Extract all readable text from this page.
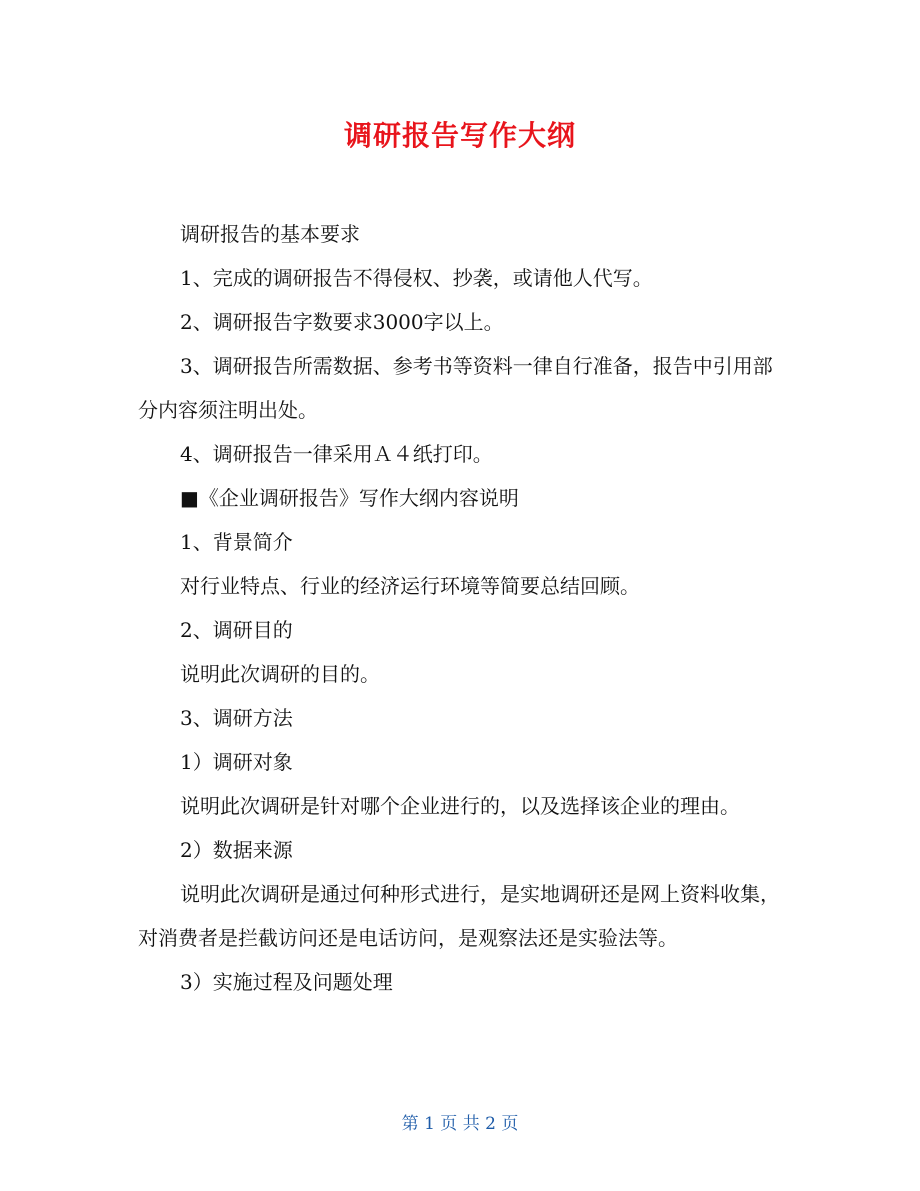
调研报告写作大纲

调研报告的基本要求

1、完成的调研报告不得侵权、抄袭，或请他人代写。

2、调研报告字数要求3000字以上。

3、调研报告所需数据、参考书等资料一律自行准备，报告中引用部分内容须注明出处。

4、调研报告一律采用Ａ４纸打印。

■《企业调研报告》写作大纲内容说明

1、背景简介

对行业特点、行业的经济运行环境等简要总结回顾。

2、调研目的

说明此次调研的目的。

3、调研方法

1）调研对象

说明此次调研是针对哪个企业进行的，以及选择该企业的理由。

2）数据来源

说明此次调研是通过何种形式进行，是实地调研还是网上资料收集，对消费者是拦截访问还是电话访问，是观察法还是实验法等。

3）实施过程及问题处理

第 1 页 共 2 页
